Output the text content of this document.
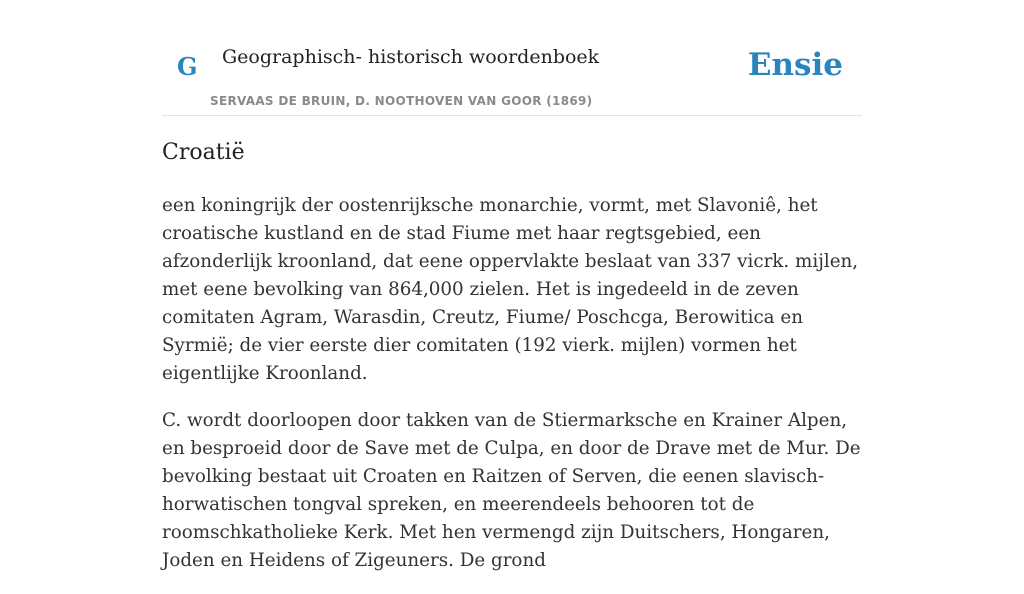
G Geographisch- historisch woordenboek
SERVAAS DE BRUIN, D. NOOTHOVEN VAN GOOR (1869)
Ensie
Croatië

een koningrijk der oostenrijksche monarchie, vormt, met Slavoniê, het croatische kustland en de stad Fiume met haar regtsgebied, een afzonderlijk kroonland, dat eene oppervlakte beslaat van 337 vicrk. mijlen, met eene bevolking van 864,000 zielen. Het is ingedeeld in de zeven comitaten Agram, Warasdin, Creutz, Fiume/ Poschcga, Berowitica en Syrmië; de vier eerste dier comitaten (192 vierk. mijlen) vormen het eigentlijke Kroonland.

C. wordt doorloopen door takken van de Stiermarksche en Krainer Alpen, en besproeid door de Save met de Culpa, en door de Drave met de Mur. De bevolking bestaat uit Croaten en Raitzen of Serven, die eenen slavisch-horwatischen tongval spreken, en meerendeels behooren tot de roomschkatholieke Kerk. Met hen vermengd zijn Duitschers, Hongaren, Joden en Heidens of Zigeuners. De grond
